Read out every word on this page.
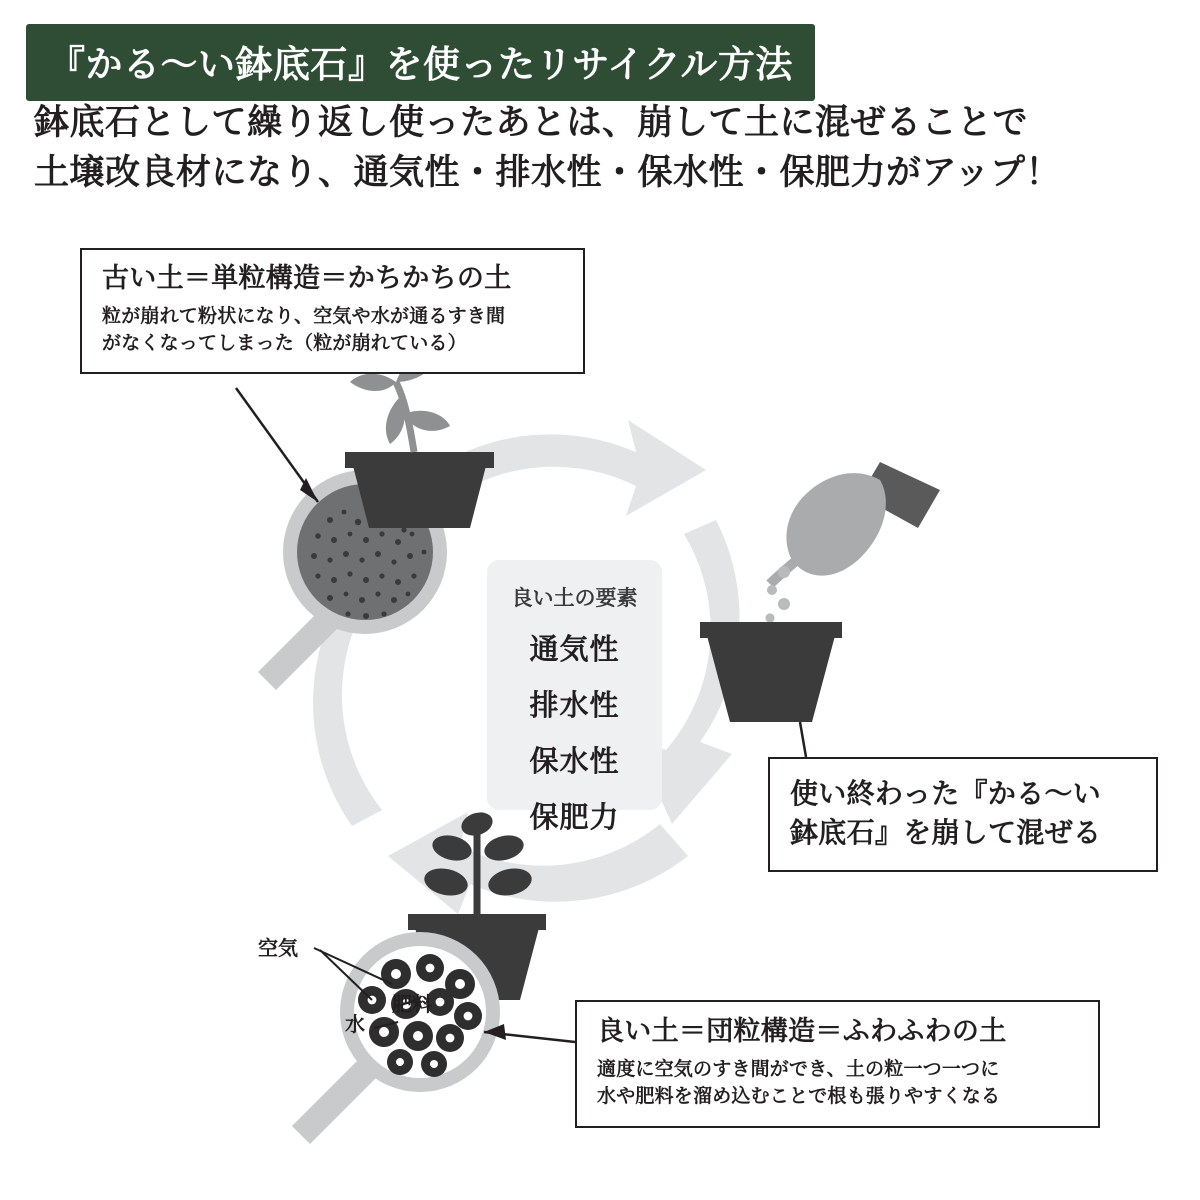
『かる〜い鉢底石』を使ったリサイクル方法
鉢底石として繰り返し使ったあとは、崩して土に混ぜることで
土壌改良材になり、通気性・排水性・保水性・保肥力がアップ！
良い土の要素
通気性
排水性
保水性
保肥力
古い土＝単粒構造＝かちかちの土
粒が崩れて粉状になり、空気や水が通るすき間
がなくなってしまった（粒が崩れている）
使い終わった『かる〜い
鉢底石』を崩して混ぜる
良い土＝団粒構造＝ふわふわの土
適度に空気のすき間ができ、土の粒一つ一つに
水や肥料を溜め込むことで根も張りやすくなる
空気
肥料
水
